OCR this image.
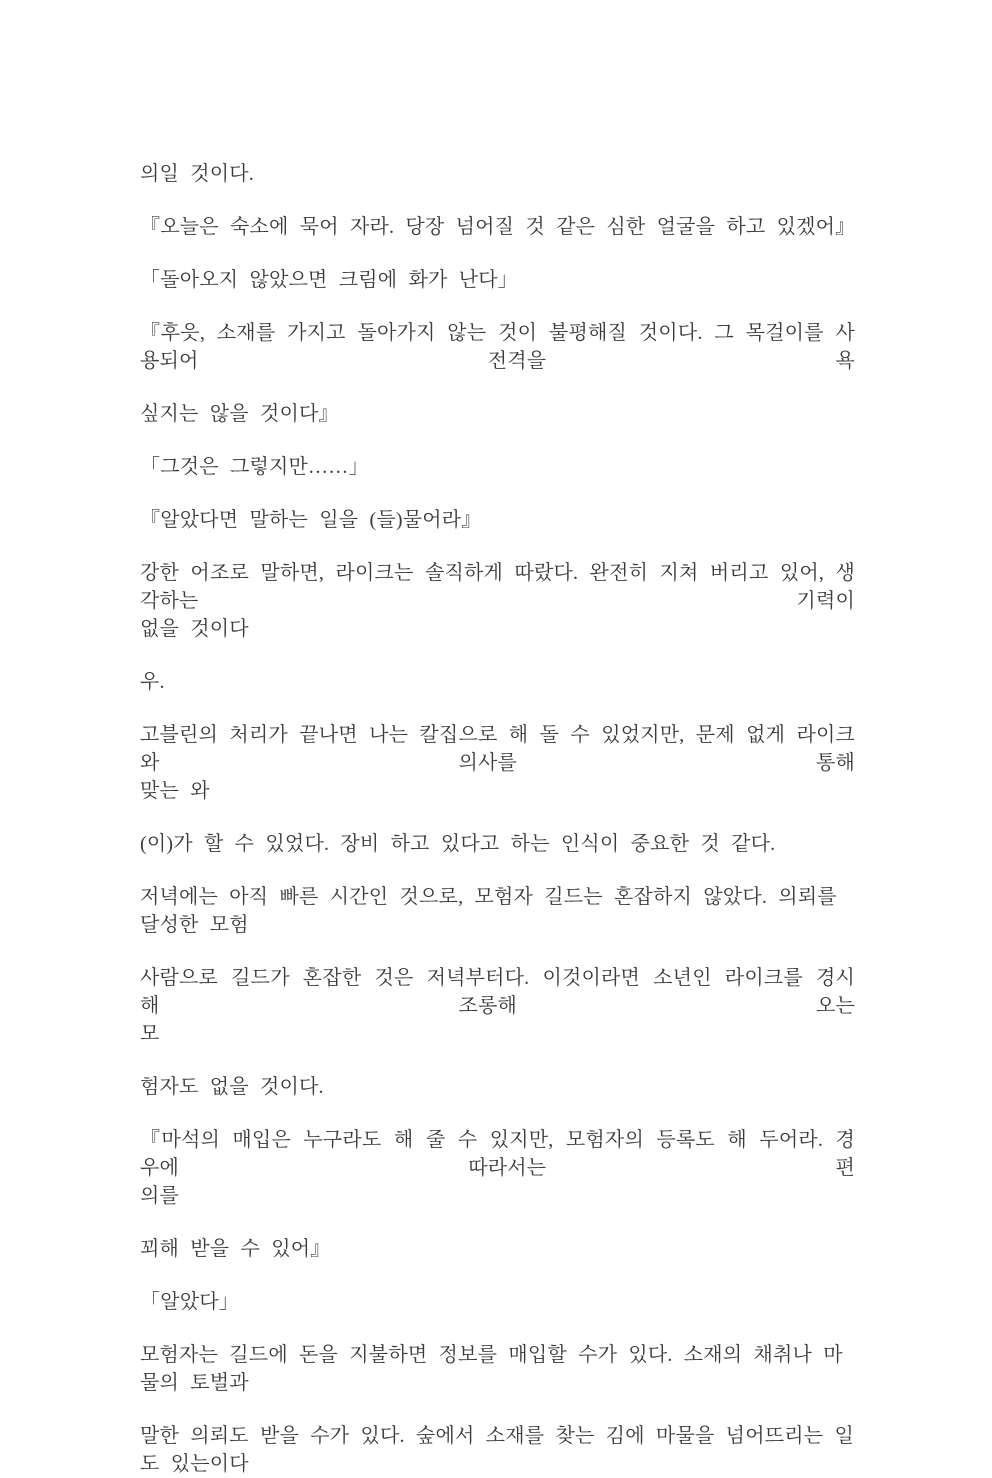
의일 것이다.

『오늘은 숙소에 묵어 자라. 당장 넘어질 것 같은 심한 얼굴을 하고 있겠어』

「돌아오지 않았으면 크림에 화가 난다」

『후읏, 소재를 가지고 돌아가지 않는 것이 불평해질 것이다. 그 목걸이를 사용되어 전격을 욕

싶지는 않을 것이다』

「그것은 그렇지만……」

『알았다면 말하는 일을 (들)물어라』

강한 어조로 말하면, 라이크는 솔직하게 따랐다. 완전히 지쳐 버리고 있어, 생각하는 기력이
없을 것이다

우.

고블린의 처리가 끝나면 나는 칼집으로 해 돌 수 있었지만, 문제 없게 라이크와 의사를 통해
맞는 와

(이)가 할 수 있었다. 장비 하고 있다고 하는 인식이 중요한 것 같다.

저녁에는 아직 빠른 시간인 것으로, 모험자 길드는 혼잡하지 않았다. 의뢰를 달성한 모험

사람으로 길드가 혼잡한 것은 저녁부터다. 이것이라면 소년인 라이크를 경시해 조롱해 오는
모

험자도 없을 것이다.

『마석의 매입은 누구라도 해 줄 수 있지만, 모험자의 등록도 해 두어라. 경우에 따라서는 편
의를

꾀해 받을 수 있어』

「알았다」

모험자는 길드에 돈을 지불하면 정보를 매입할 수가 있다. 소재의 채취나 마물의 토벌과

말한 의뢰도 받을 수가 있다. 숲에서 소재를 찾는 김에 마물을 넘어뜨리는 일도 있는이다
